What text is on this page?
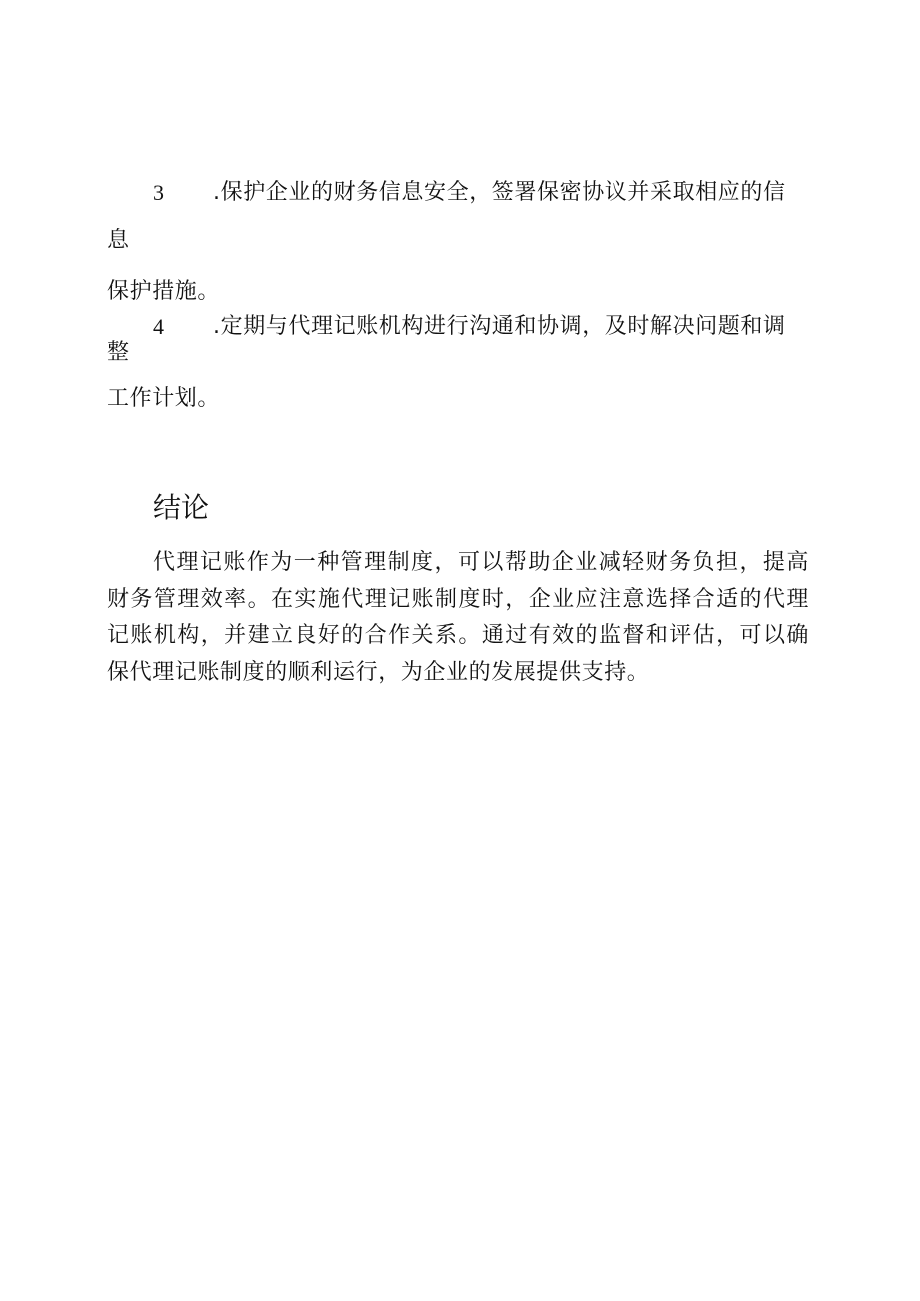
3 .保护企业的财务信息安全，签署保密协议并采取相应的信
息
保护措施。
4 .定期与代理记账机构进行沟通和协调，及时解决问题和调
整
工作计划。
结论
代理记账作为一种管理制度，可以帮助企业减轻财务负担，提高
财务管理效率。在实施代理记账制度时，企业应注意选择合适的代理
记账机构，并建立良好的合作关系。通过有效的监督和评估，可以确
保代理记账制度的顺利运行，为企业的发展提供支持。
